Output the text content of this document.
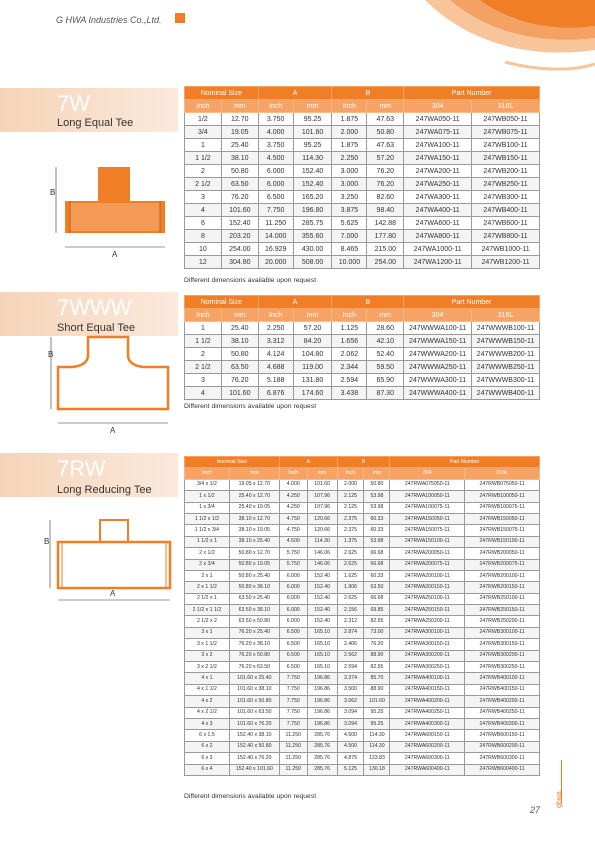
G HWA Industries Co.,Ltd.

7W
Long Equal Tee
B
A
Nominal Size		A		B		Part Number	
Inch	mm	Inch	mm	Inch	mm	304	316L
1/2	12.70	3.750	95.25	1.875	47.63	247WA050-11	247WB050-11
3/4	19.05	4.000	101.60	2.000	50.80	247WA075-11	247WB075-11
1	25.40	3.750	95.25	1.875	47.63	247WA100-11	247WB100-11
1 1/2	38.10	4.500	114.30	2.250	57.20	247WA150-11	247WB150-11
2	50.80	6.000	152.40	3.000	76.20	247WA200-11	247WB200-11
2 1/2	63.50	6.000	152.40	3.000	76.20	247WA250-11	247WB250-11
3	76.20	6.500	165.20	3.250	82.60	247WA300-11	247WB300-11
4	101.60	7.750	196.80	3.875	98.40	247WA400-11	247WB400-11
6	152.40	11.250	285.75	5.625	142.88	247WA600-11	247WB600-11
8	203.20	14.000	355.60	7.000	177.80	247WA800-11	247WB800-11
10	254.00	16.929	430.00	8.465	215.00	247WA1000-11	247WB1000-11
12	304.80	20.000	508.00	10.000	254.00	247WA1200-11	247WB1200-11
Different dimensions available upon request
7WWW
Short Equal Tee
B
A
Nominal Size		A		B		Part Number	
Inch	mm	Inch	mm	Inch	mm	304	316L
1	25.40	2.250	57.20	1.125	28.60	247WWWA100-11	247WWWB100-11
1 1/2	38.10	3.312	84.20	1.656	42.10	247WWWA150-11	247WWWB150-11
2	50.80	4.124	104.80	2.062	52.40	247WWWA200-11	247WWWB200-11
2 1/2	63.50	4.688	119.00	2.344	59.50	247WWWA250-11	247WWWB250-11
3	76.20	5.188	131.80	2.594	65.90	247WWWA300-11	247WWWB300-11
4	101.60	6.876	174.60	3.438	87.30	247WWWA400-11	247WWWB400-11
Different dimensions available upon request
7RW
Long Reducing Tee
B
A
Nominal Size		A		B		Part Number	
Inch	mm	Inch	mm	Inch	mm	304	316L
3/4 x 1/2	19.05 x 12.70	4.000	101.60	2.000	50.80	247RWA075050-11	247RWB075050-11
1 x 1/2	25.40 x 12.70	4.250	107.96	2.125	53.98	247RWA100050-11	247RWB100050-11
1 x 3/4	25.40 x 19.05	4.250	107.96	2.125	53.98	247RWA100075-11	247RWB100075-11
1 1/2 x 1/2	38.10 x 12.70	4.750	120.66	2.375	60.33	247RWA150050-11	247RWB150050-11
1 1/2 x 3/4	38.10 x 19.05	4.750	120.66	2.375	60.33	247RWA150075-11	247RWB150075-11
1 1/2 x 1	38.10 x 25.40	4.500	114.30	1.375	53.98	247RWA150100-11	247RWB150100-11
2 x 1/2	50.80 x 12.70	5.750	146.06	2.625	66.68	247RWA200050-11	247RWB200050-11
2 x 3/4	50.80 x 19.05	5.750	146.06	2.625	66.68	247RWA200075-11	247RWB200075-11
2 x 1	50.80 x 25.40	6.000	152.40	1.625	60.33	247RWA200100-11	247RWB200100-11
2 x 1 1/2	50.80 x 38.10	6.000	152.40	1.906	63.50	247RWA200150-11	247RWB200150-11
2 1/2 x 1	63.50 x 25.40	6.000	152.40	2.625	66.68	247RWA250100-11	247RWB250100-11
2 1/2 x 1 1/2	63.50 x 38.10	6.000	152.40	2.156	69.85	247RWA250150-11	247RWB250150-11
2 1/2 x 2	63.50 x 50.80	6.000	152.40	2.312	82.55	247RWA250200-11	247RWB250200-11
3 x 1	76.20 x 25.40	6.500	165.10	2.874	73.00	247RWA300100-11	247RWB300100-11
3 x 1 1/2	76.20 x 38.10	6.500	165.10	2.406	76.20	247RWA300150-11	247RWB300150-11
3 x 2	76.20 x 50.80	6.500	165.10	2.562	88.90	247RWA300200-11	247RWB300200-11
3 x 2 1/2	76.20 x 63.50	6.500	165.10	2.594	82.55	247RWA300250-11	247RWB300250-11
4 x 1	101.60 x 25.40	7.750	196.86	3.374	85.70	247RWA400100-11	247RWB400100-11
4 x 1 1/2	101.60 x 38.10	7.750	196.86	3.500	88.90	247RWA400150-11	247RWB400150-11
4 x 2	101.60 x 50.80	7.750	196.86	3.062	101.60	247RWA400200-11	247RWB400200-11
4 x 2 1/2	101.60 x 63.50	7.750	196.86	3.094	95.25	247RWA400250-11	247RWB400250-11
4 x 3	101.60 x 76.20	7.750	196.86	3.094	95.25	247RWA400300-11	247RWB400300-11
6 x 1.5	152.40 x 38.10	11.250	285.76	4.500	114.30	247RWA600150-11	247RWB600150-11
6 x 2	152.40 x 50.80	11.250	285.76	4.500	114.30	247RWA600200-11	247RWB600200-11
6 x 3	152.40 x 76.20	11.250	285.76	4.875	123.83	247RWA600300-11	247RWB600300-11
6 x 4	152.40 x 101.60	11.250	285.76	5.125	130.18	247RWA600400-11	247RWB600400-11
Different dimensions available upon request
27
ghwa
